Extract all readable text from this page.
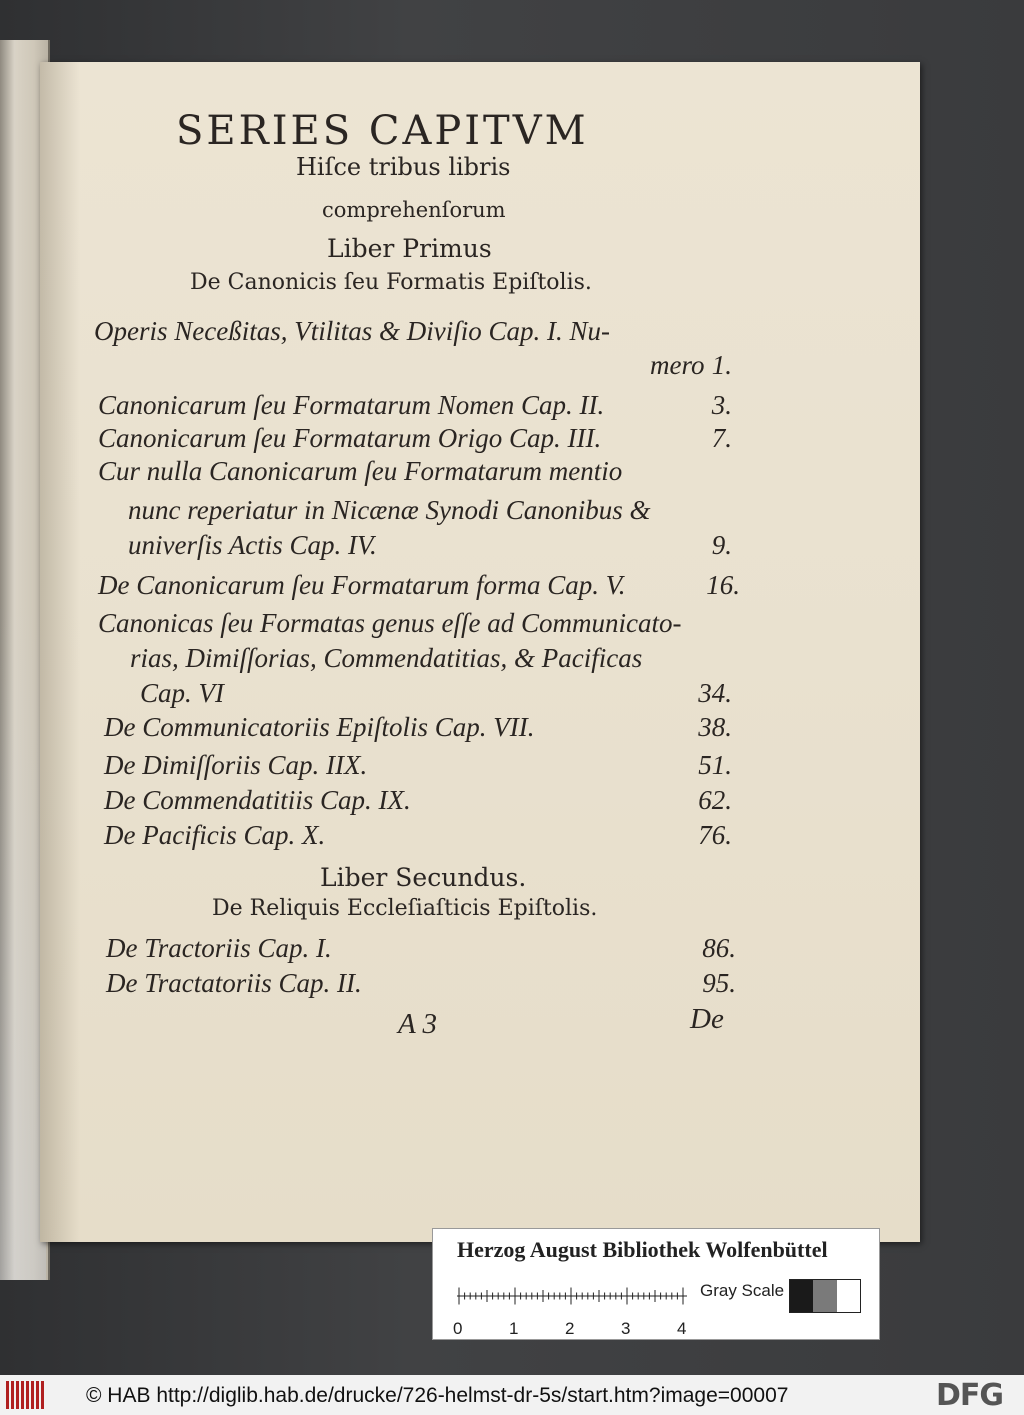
SERIES CAPITVM
Hiſce tribus libris
comprehenſorum
Liber Primus
De Canonicis ſeu Formatis Epiſtolis.
Operis Neceßitas, Vtilitas & Diviſio Cap. I. Nu-
mero 1.
Canonicarum ſeu Formatarum Nomen Cap. II.	3.
Canonicarum ſeu Formatarum Origo Cap. III.	7.
Cur nulla Canonicarum ſeu Formatarum mentio
nunc reperiatur in Nicænæ Synodi Canonibus &
univerſis Actis Cap. IV.	9.
De Canonicarum ſeu Formatarum forma Cap. V.	16.
Canonicas ſeu Formatas genus eſſe ad Communicato-
rias, Dimiſſorias, Commendatitias, & Pacificas
Cap. VI	34.
De Communicatoriis Epiſtolis Cap. VII.	38.
De Dimiſſoriis Cap. IIX.	51.
De Commendatitiis Cap. IX.	62.
De Pacificis Cap. X.	76.
Liber Secundus.
De Reliquis Eccleſiaſticis Epiſtolis.
De Tractoriis Cap. I.	86.
De Tractatoriis Cap. II.	95.
A 3	De
Herzog August Bibliothek Wolfenbüttel
0	1	2	3	4
Gray Scale
© HAB http://diglib.hab.de/drucke/726-helmst-dr-5s/start.htm?image=00007	DFG
